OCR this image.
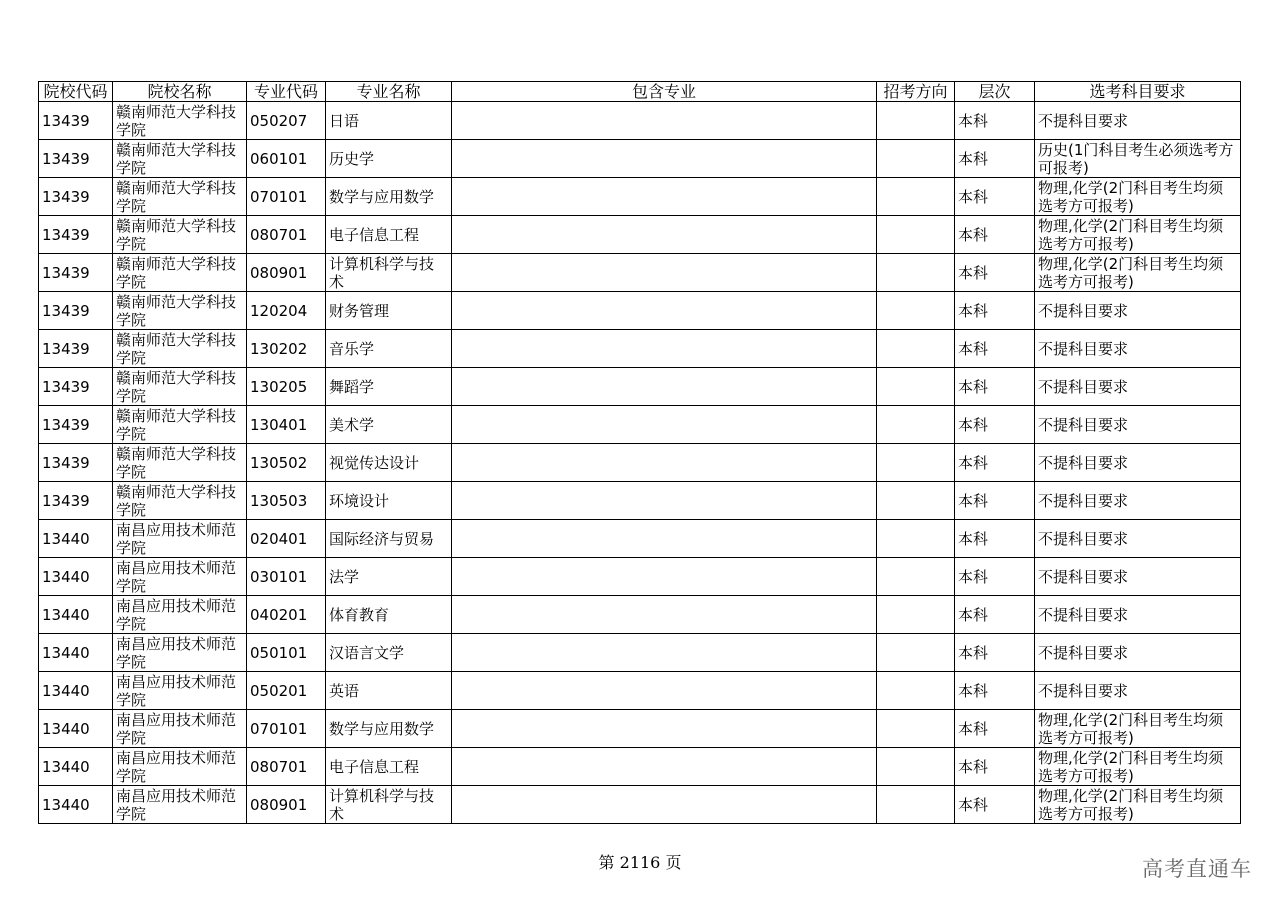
院校代码	院校名称	专业代码	专业名称	包含专业	招考方向	层次	选考科目要求
13439	赣南师范大学科技学院	050207	日语			本科	不提科目要求
13439	赣南师范大学科技学院	060101	历史学			本科	历史(1门科目考生必须选考方可报考)
13439	赣南师范大学科技学院	070101	数学与应用数学			本科	物理,化学(2门科目考生均须选考方可报考)
13439	赣南师范大学科技学院	080701	电子信息工程			本科	物理,化学(2门科目考生均须选考方可报考)
13439	赣南师范大学科技学院	080901	计算机科学与技术			本科	物理,化学(2门科目考生均须选考方可报考)
13439	赣南师范大学科技学院	120204	财务管理			本科	不提科目要求
13439	赣南师范大学科技学院	130202	音乐学			本科	不提科目要求
13439	赣南师范大学科技学院	130205	舞蹈学			本科	不提科目要求
13439	赣南师范大学科技学院	130401	美术学			本科	不提科目要求
13439	赣南师范大学科技学院	130502	视觉传达设计			本科	不提科目要求
13439	赣南师范大学科技学院	130503	环境设计			本科	不提科目要求
13440	南昌应用技术师范学院	020401	国际经济与贸易			本科	不提科目要求
13440	南昌应用技术师范学院	030101	法学			本科	不提科目要求
13440	南昌应用技术师范学院	040201	体育教育			本科	不提科目要求
13440	南昌应用技术师范学院	050101	汉语言文学			本科	不提科目要求
13440	南昌应用技术师范学院	050201	英语			本科	不提科目要求
13440	南昌应用技术师范学院	070101	数学与应用数学			本科	物理,化学(2门科目考生均须选考方可报考)
13440	南昌应用技术师范学院	080701	电子信息工程			本科	物理,化学(2门科目考生均须选考方可报考)
13440	南昌应用技术师范学院	080901	计算机科学与技术			本科	物理,化学(2门科目考生均须选考方可报考)
第 2116 页	高考直通车
